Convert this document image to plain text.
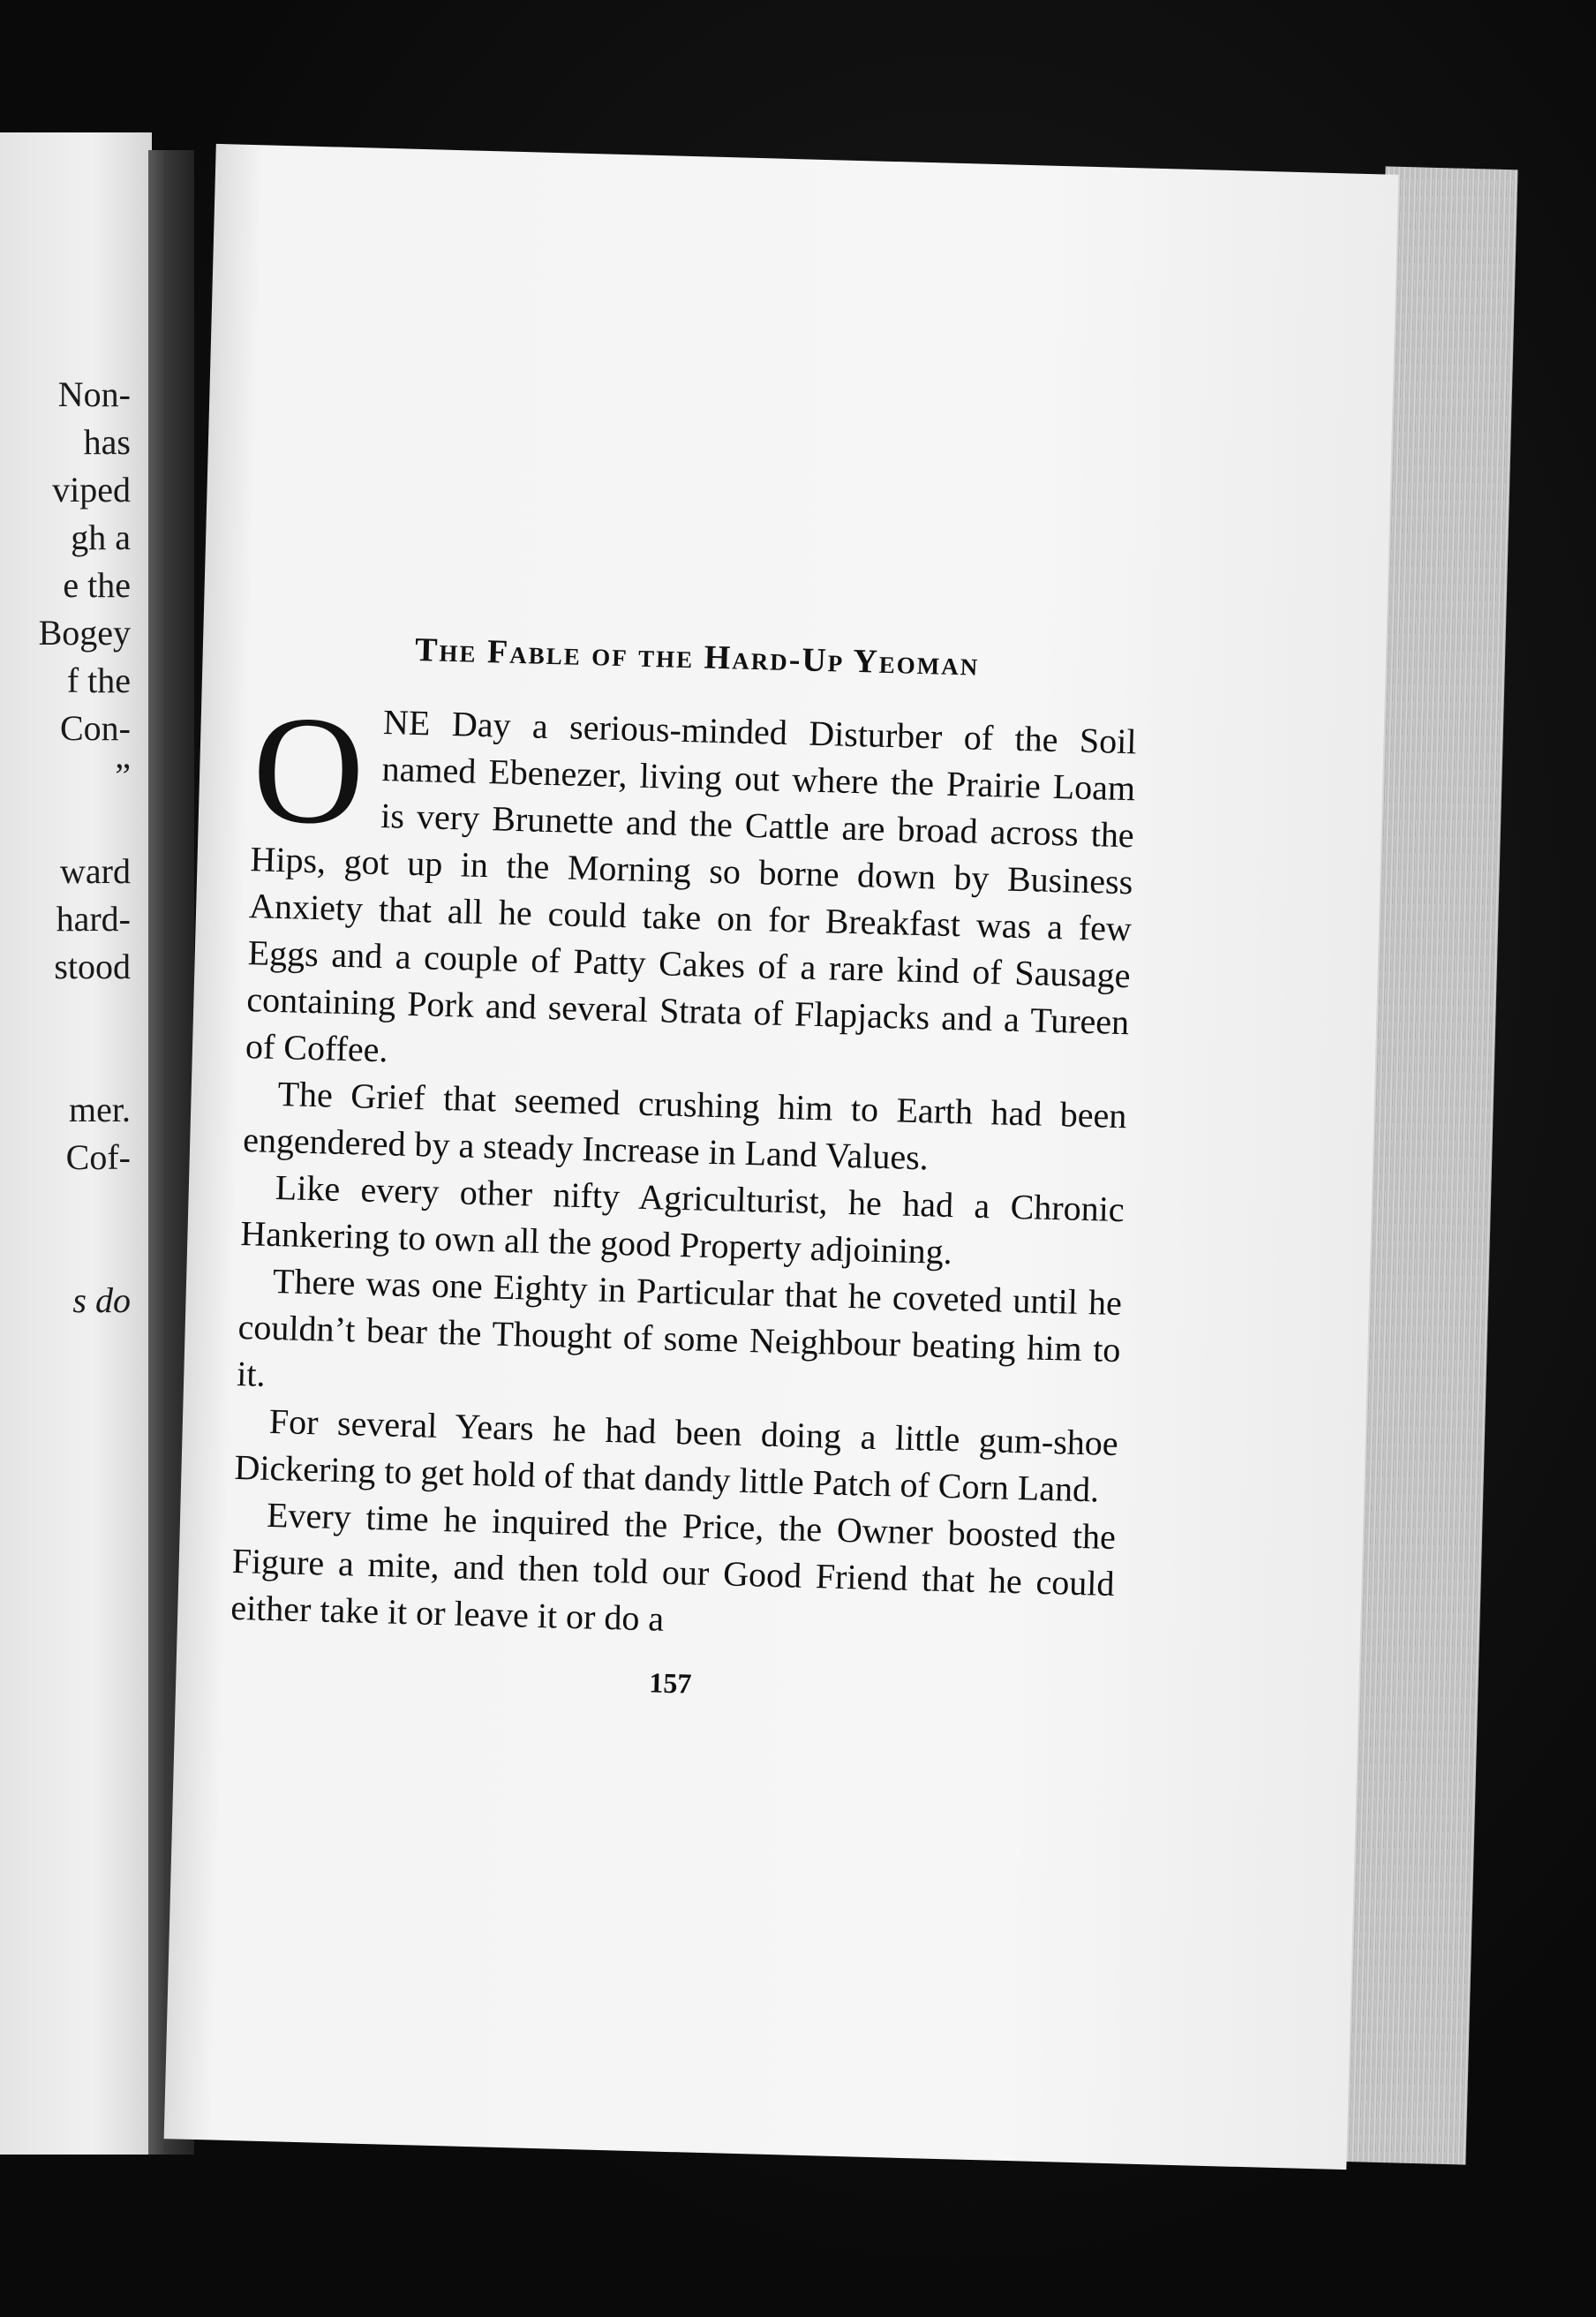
Non-
has
viped
gh a
e the
Bogey
f the
Con-
”
ward
hard-
stood
mer.
Cof-
s do
The Fable of the Hard-Up Yeoman

ONE Day a serious-minded Disturber of the Soil named Ebenezer, living out where the Prairie Loam is very Brunette and the Cattle are broad across the Hips, got up in the Morning so borne down by Business Anxiety that all he could take on for Breakfast was a few Eggs and a couple of Patty Cakes of a rare kind of Sausage containing Pork and several Strata of Flapjacks and a Tureen of Coffee.

The Grief that seemed crushing him to Earth had been engendered by a steady Increase in Land Values.

Like every other nifty Agriculturist, he had a Chronic Hankering to own all the good Property adjoining.

There was one Eighty in Particular that he coveted until he couldn’t bear the Thought of some Neighbour beating him to it.

For several Years he had been doing a little gum-shoe Dickering to get hold of that dandy little Patch of Corn Land.

Every time he inquired the Price, the Owner boosted the Figure a mite, and then told our Good Friend that he could either take it or leave it or do a

157
